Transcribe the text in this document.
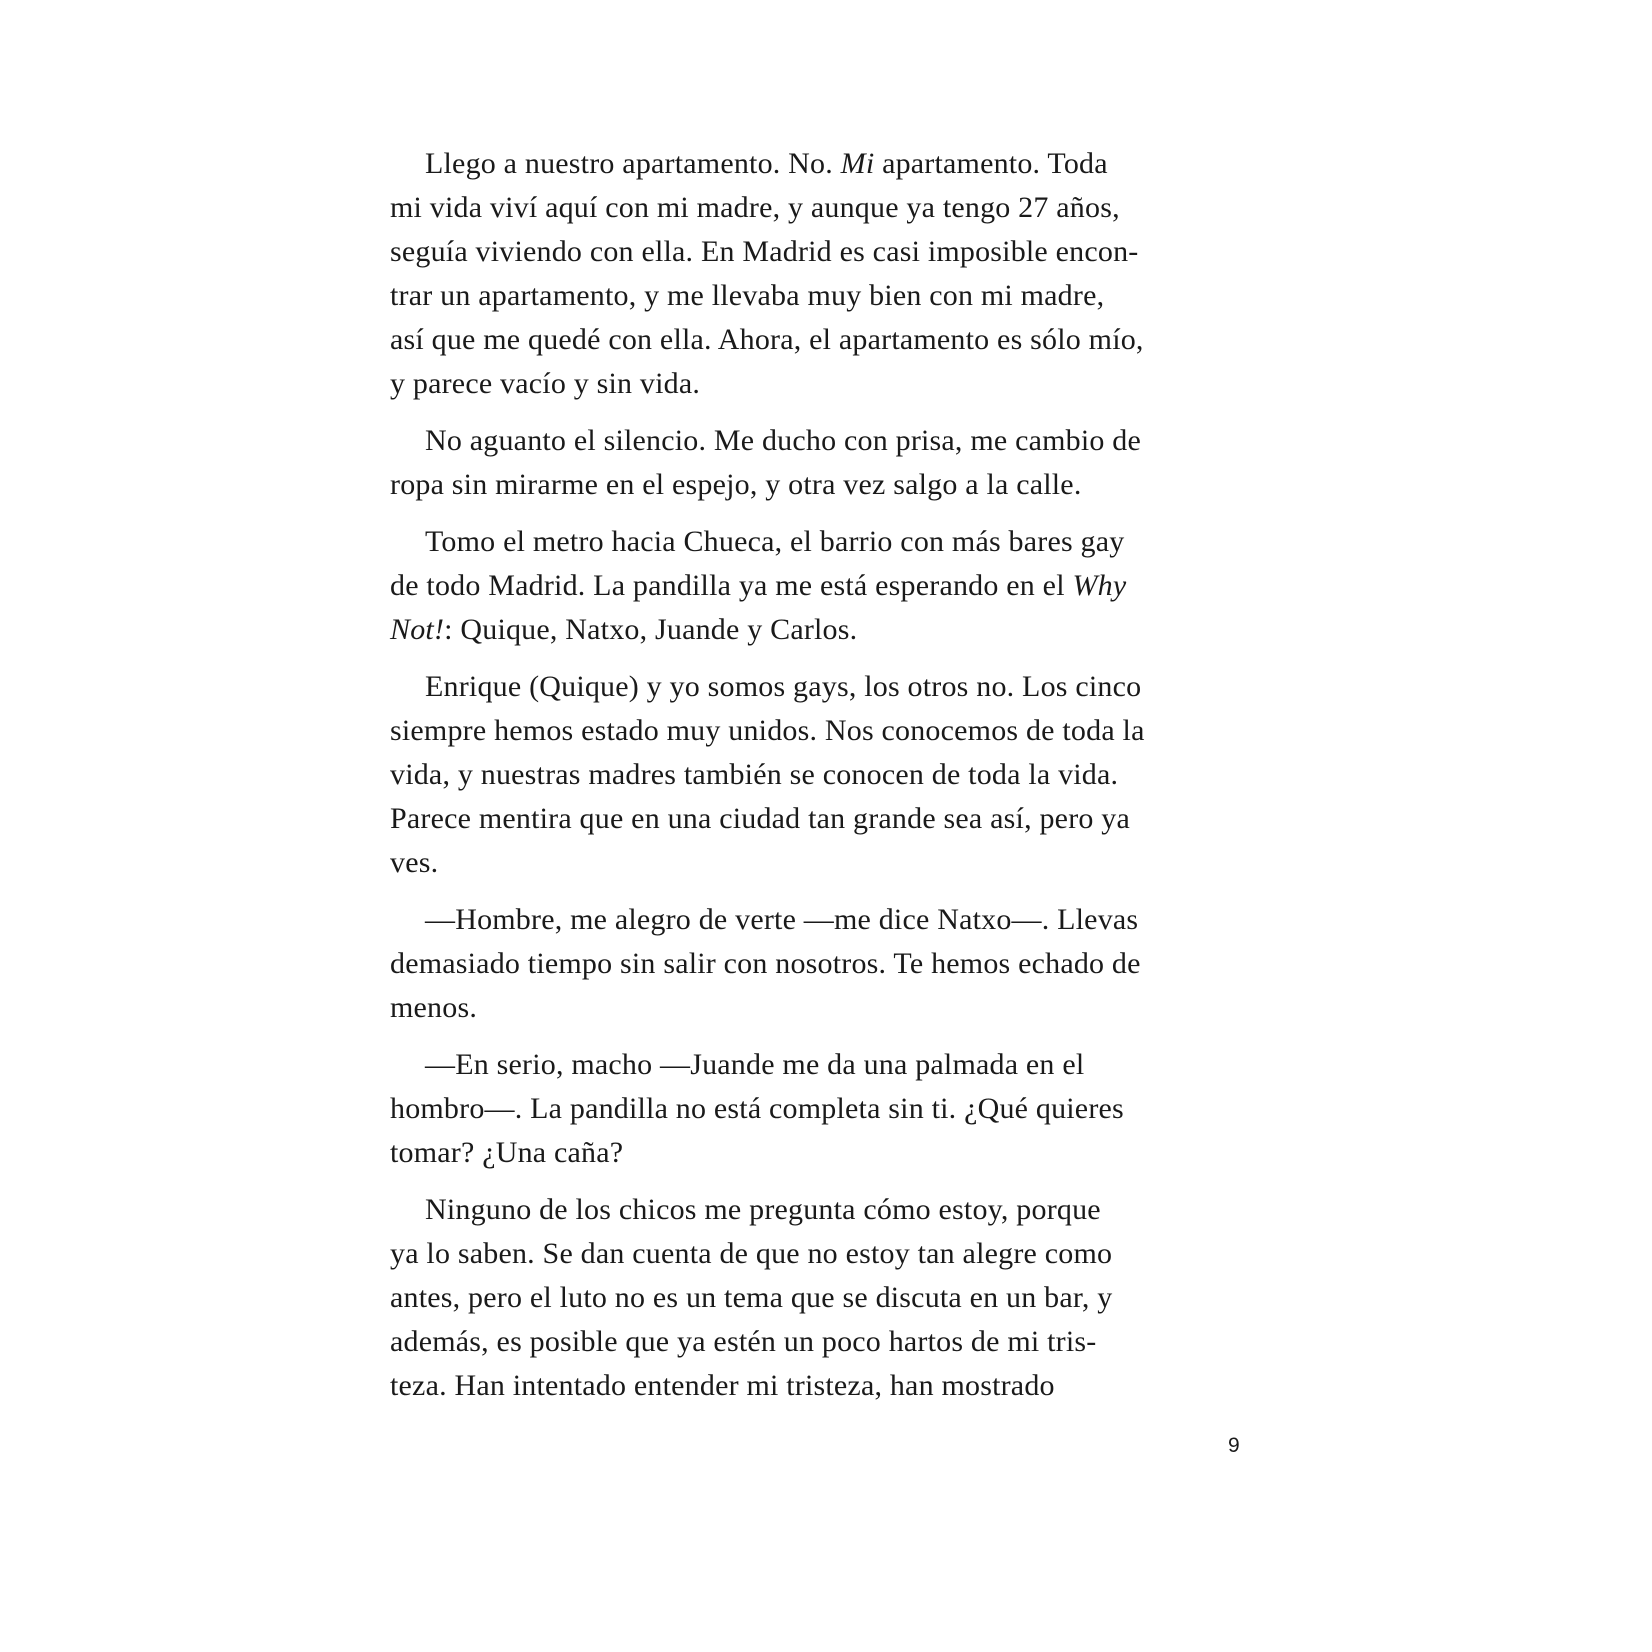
Llego a nuestro apartamento. No. Mi apartamento. Toda
mi vida viví aquí con mi madre, y aunque ya tengo 27 años,
seguía viviendo con ella. En Madrid es casi imposible encon-
trar un apartamento, y me llevaba muy bien con mi madre,
así que me quedé con ella. Ahora, el apartamento es sólo mío,
y parece vacío y sin vida.
No aguanto el silencio. Me ducho con prisa, me cambio de
ropa sin mirarme en el espejo, y otra vez salgo a la calle.
Tomo el metro hacia Chueca, el barrio con más bares gay
de todo Madrid. La pandilla ya me está esperando en el Why
Not!: Quique, Natxo, Juande y Carlos.
Enrique (Quique) y yo somos gays, los otros no. Los cinco
siempre hemos estado muy unidos. Nos conocemos de toda la
vida, y nuestras madres también se conocen de toda la vida.
Parece mentira que en una ciudad tan grande sea así, pero ya
ves.
—Hombre, me alegro de verte —me dice Natxo—. Llevas
demasiado tiempo sin salir con nosotros. Te hemos echado de
menos.
—En serio, macho —Juande me da una palmada en el
hombro—. La pandilla no está completa sin ti. ¿Qué quieres
tomar? ¿Una caña?
Ninguno de los chicos me pregunta cómo estoy, porque
ya lo saben. Se dan cuenta de que no estoy tan alegre como
antes, pero el luto no es un tema que se discuta en un bar, y
además, es posible que ya estén un poco hartos de mi tris-
teza. Han intentado entender mi tristeza, han mostrado
9
